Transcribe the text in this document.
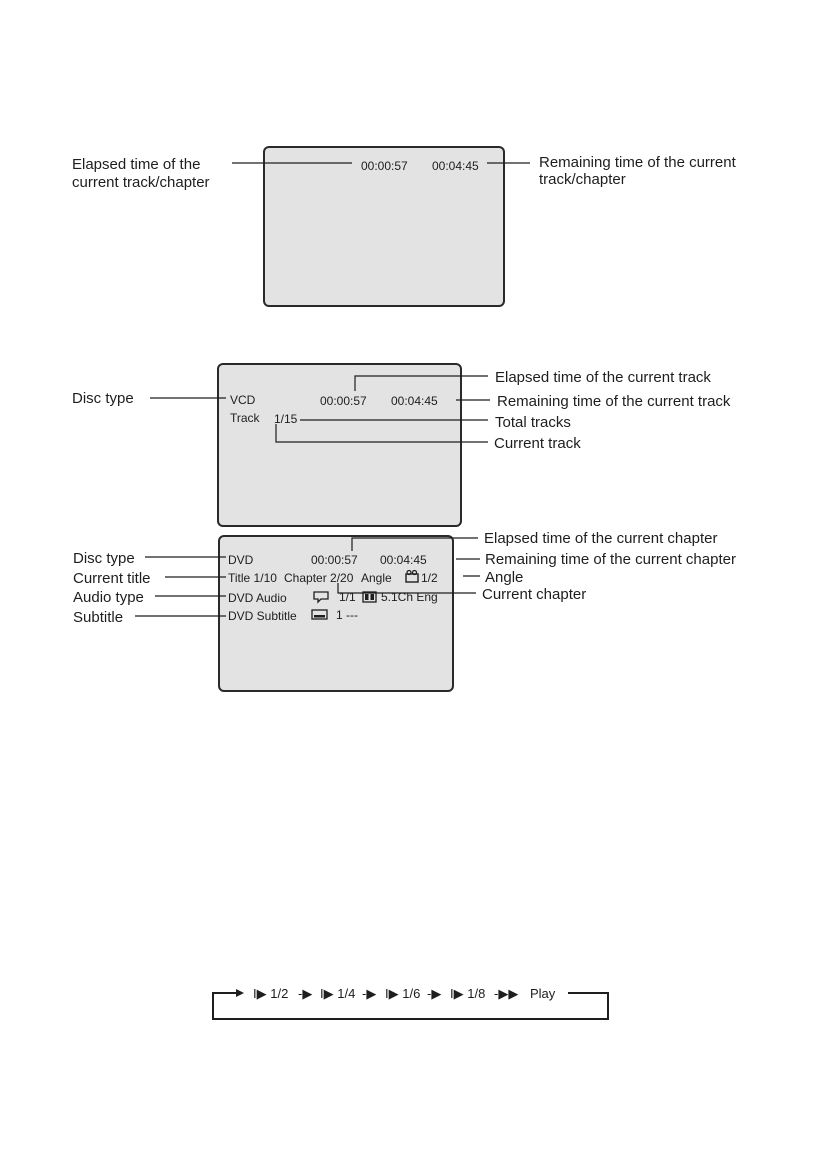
Elapsed time of the
current track/chapter
Remaining time of the current
track/chapter
00:00:57 00:04:45
Disc type
Elapsed time of the current track
Remaining time of the current track
Total tracks
Current track
VCD	00:00:57 00:04:45
Track 1/15
Disc type
Current title
Audio type
Subtitle
Elapsed time of the current chapter
Remaining time of the current chapter
Angle
Current chapter
DVD	00:00:57 00:04:45
Title 1/10 Chapter 2/20 Angle 1/2
DVD Audio	1/1 5.1Ch Eng
DVD Subtitle	1 ---
I▶ 1/2 -▶ I▶ 1/4 -▶ I▶ 1/6 -▶ I▶ 1/8 -▶▶ Play
